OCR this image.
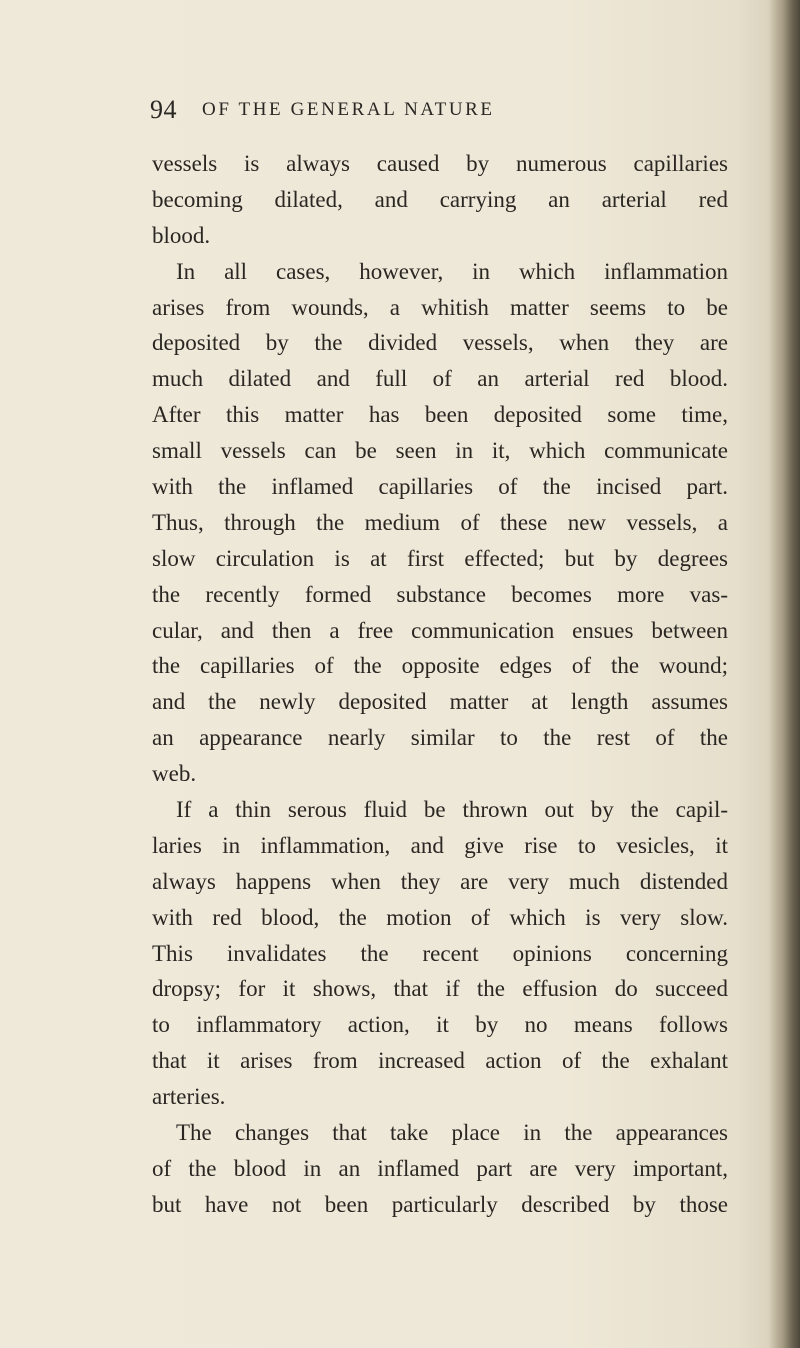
94 OF THE GENERAL NATURE
vessels is always caused by numerous capillaries
becoming dilated, and carrying an arterial red
blood.
In all cases, however, in which inflammation
arises from wounds, a whitish matter seems to be
deposited by the divided vessels, when they are
much dilated and full of an arterial red blood.
After this matter has been deposited some time,
small vessels can be seen in it, which communicate
with the inflamed capillaries of the incised part.
Thus, through the medium of these new vessels, a
slow circulation is at first effected; but by degrees
the recently formed substance becomes more vas-
cular, and then a free communication ensues between
the capillaries of the opposite edges of the wound;
and the newly deposited matter at length assumes
an appearance nearly similar to the rest of the
web.
If a thin serous fluid be thrown out by the capil-
laries in inflammation, and give rise to vesicles, it
always happens when they are very much distended
with red blood, the motion of which is very slow.
This invalidates the recent opinions concerning
dropsy; for it shows, that if the effusion do succeed
to inflammatory action, it by no means follows
that it arises from increased action of the exhalant
arteries.
The changes that take place in the appearances
of the blood in an inflamed part are very important,
but have not been particularly described by those
